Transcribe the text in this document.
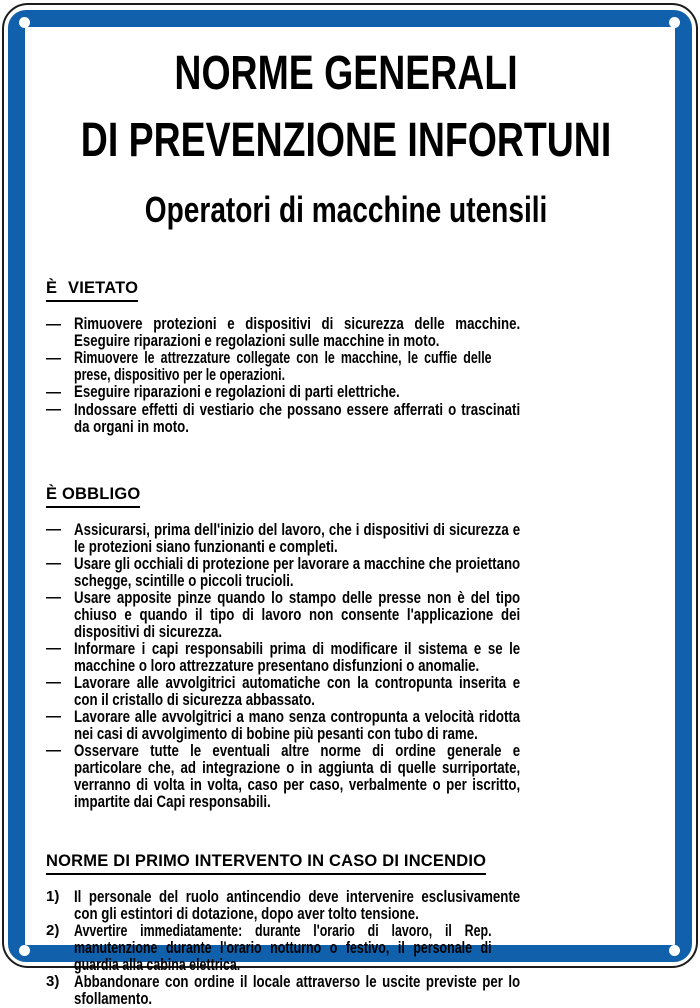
NORME GENERALI
DI PREVENZIONE INFORTUNI
Operatori di macchine utensili
È VIETATO
— Rimuovere protezioni e dispositivi di sicurezza delle macchine. Eseguire riparazioni e regolazioni sulle macchine in moto.
— Rimuovere le attrezzature collegate con le macchine, le cuffie delle prese, dispositivo per le operazioni.
— Eseguire riparazioni e regolazioni di parti elettriche.
— Indossare effetti di vestiario che possano essere afferrati o trascinati da organi in moto.
È OBBLIGO
— Assicurarsi, prima dell'inizio del lavoro, che i dispositivi di sicurezza e le protezioni siano funzionanti e completi.
— Usare gli occhiali di protezione per lavorare a macchine che proiettano schegge, scintille o piccoli trucioli.
— Usare apposite pinze quando lo stampo delle presse non è del tipo chiuso e quando il tipo di lavoro non consente l'applicazione dei dispositivi di sicurezza.
— Informare i capi responsabili prima di modificare il sistema e se le macchine o loro attrezzature presentano disfunzioni o anomalie.
— Lavorare alle avvolgitrici automatiche con la contropunta inserita e con il cristallo di sicurezza abbassato.
— Lavorare alle avvolgitrici a mano senza contropunta a velocità ridotta nei casi di avvolgimento di bobine più pesanti con tubo di rame.
— Osservare tutte le eventuali altre norme di ordine generale e particolare che, ad integrazione o in aggiunta di quelle surriportate, verranno di volta in volta, caso per caso, verbalmente o per iscritto, impartite dai Capi responsabili.
NORME DI PRIMO INTERVENTO IN CASO DI INCENDIO
1) Il personale del ruolo antincendio deve intervenire esclusivamente con gli estintori di dotazione, dopo aver tolto tensione.
2) Avvertire immediatamente: durante l'orario di lavoro, il Rep. manutenzione durante l'orario notturno o festivo, il personale di guardia alla cabina elettrica.
3) Abbandonare con ordine il locale attraverso le uscite previste per lo sfollamento.
